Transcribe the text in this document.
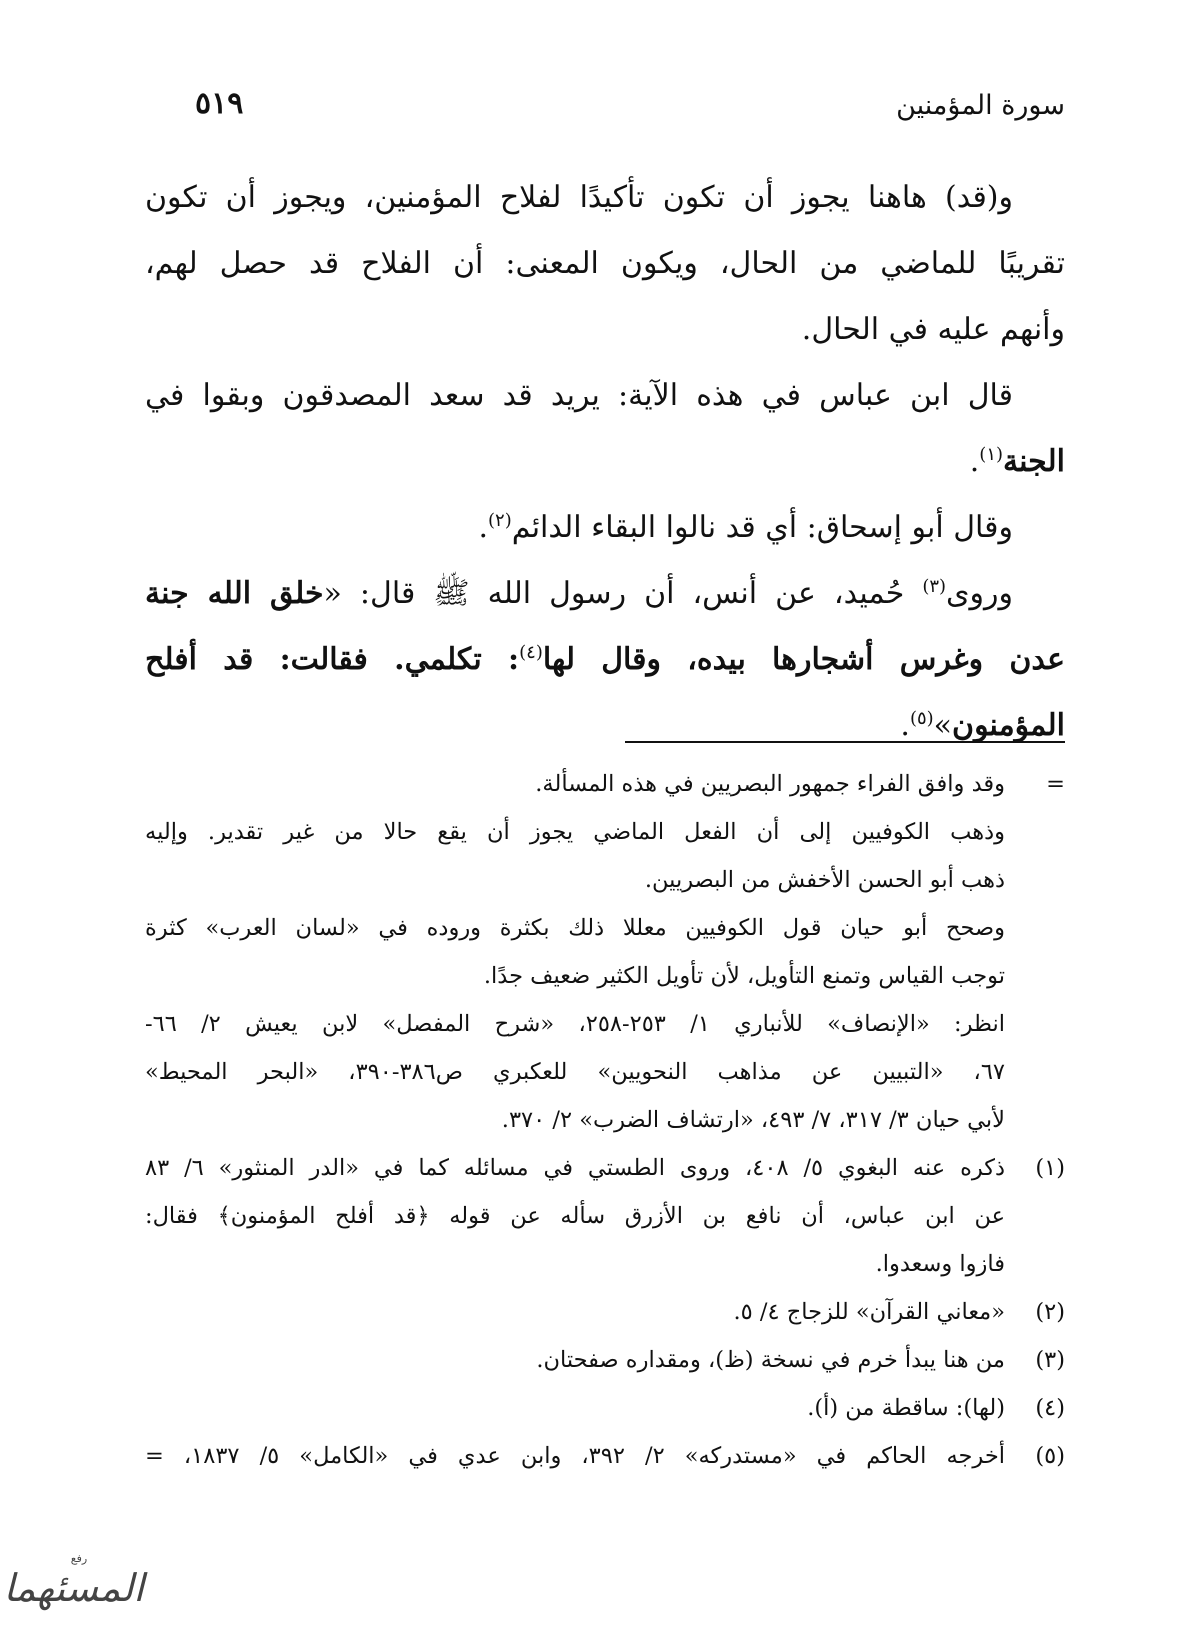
سورة المؤمنين
٥١٩
و(قد) هاهنا يجوز أن تكون تأكيدًا لفلاح المؤمنين، ويجوز أن تكون
تقريبًا للماضي من الحال، ويكون المعنى: أن الفلاح قد حصل لهم،
وأنهم عليه في الحال.
قال ابن عباس في هذه الآية: يريد قد سعد المصدقون وبقوا في
الجنة$^{(١)}$.
وقال أبو إسحاق: أي قد نالوا البقاء الدائم$^{(٢)}$.
وروى$^{(٣)}$ حُميد، عن أنس، أن رسول الله ﷺ قال: «خلق الله جنة
عدن وغرس أشجارها بيده، وقال لها$^{(٤)}$: تكلمي. فقالت: قد أفلح
المؤمنون»$^{(٥)}$.
=
وقد وافق الفراء جمهور البصريين في هذه المسألة.
وذهب الكوفيين إلى أن الفعل الماضي يجوز أن يقع حالا من غير تقدير. وإليه
ذهب أبو الحسن الأخفش من البصريين.
وصحح أبو حيان قول الكوفيين معللا ذلك بكثرة وروده في «لسان العرب» كثرة
توجب القياس وتمنع التأويل، لأن تأويل الكثير ضعيف جدًا.
انظر: «الإنصاف» للأنباري ١/ ٢٥٣-٢٥٨، «شرح المفصل» لابن يعيش ٢/ ٦٦-
٦٧، «التبيين عن مذاهب النحويين» للعكبري ص٣٨٦-٣٩٠، «البحر المحيط»
لأبي حيان ٣/ ٣١٧، ٧/ ٤٩٣، «ارتشاف الضرب» ٢/ ٣٧٠.
(١)
ذكره عنه البغوي ٥/ ٤٠٨، وروى الطستي في مسائله كما في «الدر المنثور» ٦/ ٨٣
عن ابن عباس، أن نافع بن الأزرق سأله عن قوله ﴿قد أفلح المؤمنون﴾ فقال:
فازوا وسعدوا.
(٢)
«معاني القرآن» للزجاج ٤/ ٥.
(٣)
من هنا يبدأ خرم في نسخة (ظ)، ومقداره صفحتان.
(٤)
(لها): ساقطة من (أ).
(٥)
أخرجه الحاكم في «مستدركه» ٢/ ٣٩٢، وابن عدي في «الكامل» ٥/ ١٨٣٧، =
رفع
المسئهما
